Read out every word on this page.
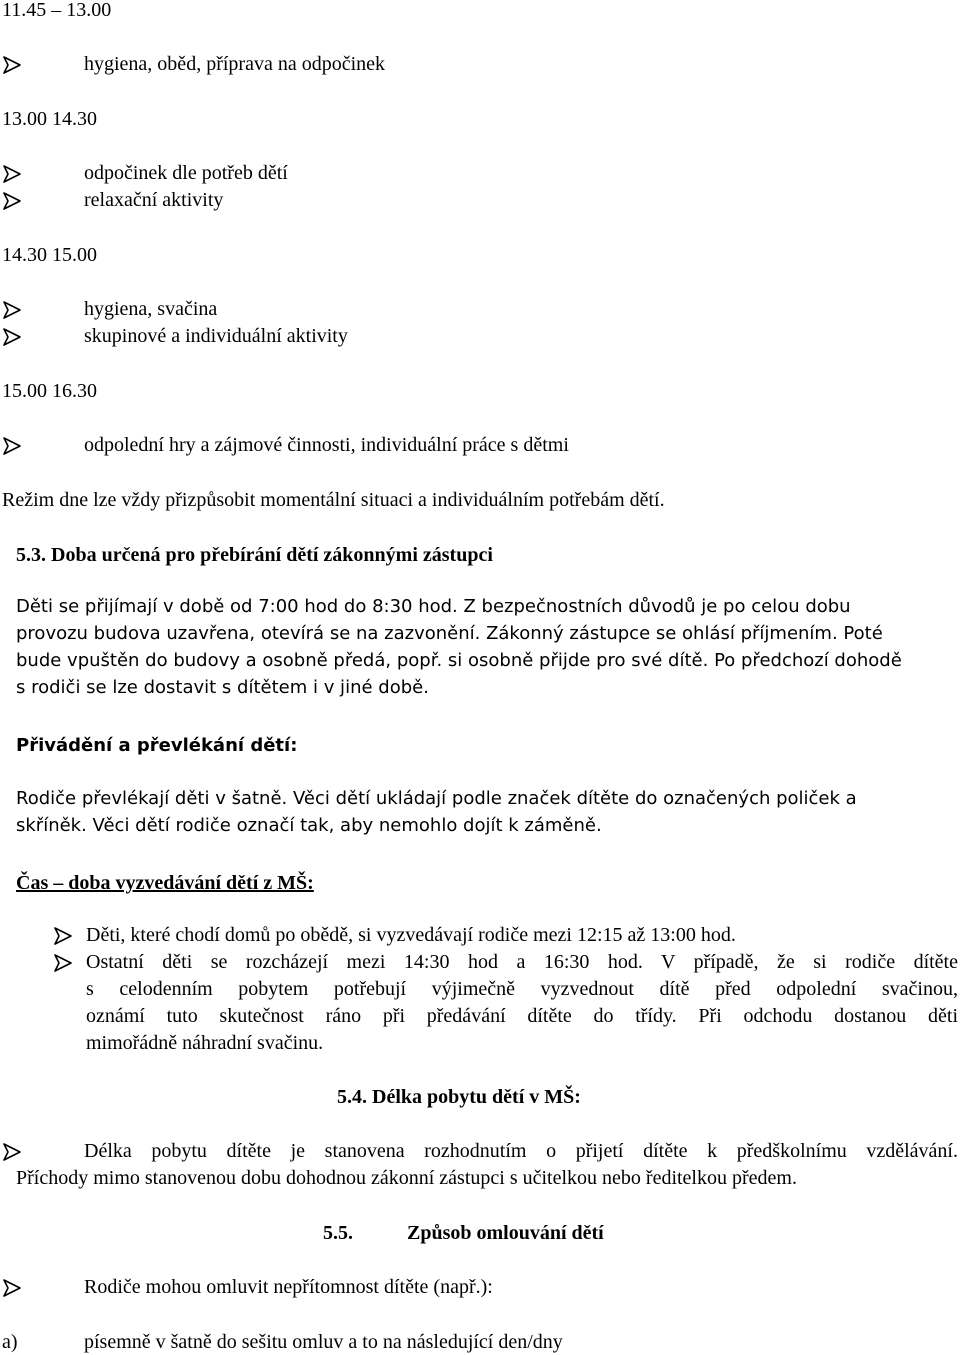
11.45 – 13.00
hygiena, oběd, příprava na odpočinek
13.00 14.30
odpočinek dle potřeb dětí
relaxační aktivity
14.30 15.00
hygiena, svačina
skupinové a individuální aktivity
15.00 16.30
odpolední hry a zájmové činnosti, individuální práce s dětmi
Režim dne lze vždy přizpůsobit momentální situaci a individuálním potřebám dětí.
5.3. Doba určená pro přebírání dětí zákonnými zástupci
Děti se přijímají v době od 7:00 hod do 8:30 hod. Z bezpečnostních důvodů je po celou dobu
provozu budova uzavřena, otevírá se na zazvonění. Zákonný zástupce se ohlásí příjmením. Poté
bude vpuštěn do budovy a osobně předá, popř. si osobně přijde pro své dítě. Po předchozí dohodě
s rodiči se lze dostavit s dítětem i v jiné době.
Přivádění a převlékání dětí:
Rodiče převlékají děti v šatně. Věci dětí ukládají podle značek dítěte do označených poliček a
skříněk. Věci dětí rodiče označí tak, aby nemohlo dojít k záměně.
Čas – doba vyzvedávání dětí z MŠ:
Děti, které chodí domů po obědě, si vyzvedávají rodiče mezi 12:15 až 13:00 hod.
Ostatní děti se rozcházejí mezi 14:30 hod a 16:30 hod. V případě, že si rodiče dítěte
s celodenním pobytem potřebují výjimečně vyzvednout dítě před odpolední svačinou,
oznámí tuto skutečnost ráno při předávání dítěte do třídy. Při odchodu dostanou děti
mimořádně náhradní svačinu.
5.4. Délka pobytu dětí v MŠ:
Délka pobytu dítěte je stanovena rozhodnutím o přijetí dítěte k předškolnímu vzdělávání.
Příchody mimo stanovenou dobu dohodnou zákonní zástupci s učitelkou nebo ředitelkou předem.
5.5.	Způsob omlouvání dětí
Rodiče mohou omluvit nepřítomnost dítěte (např.):
a)	písemně v šatně do sešitu omluv a to na následující den/dny
